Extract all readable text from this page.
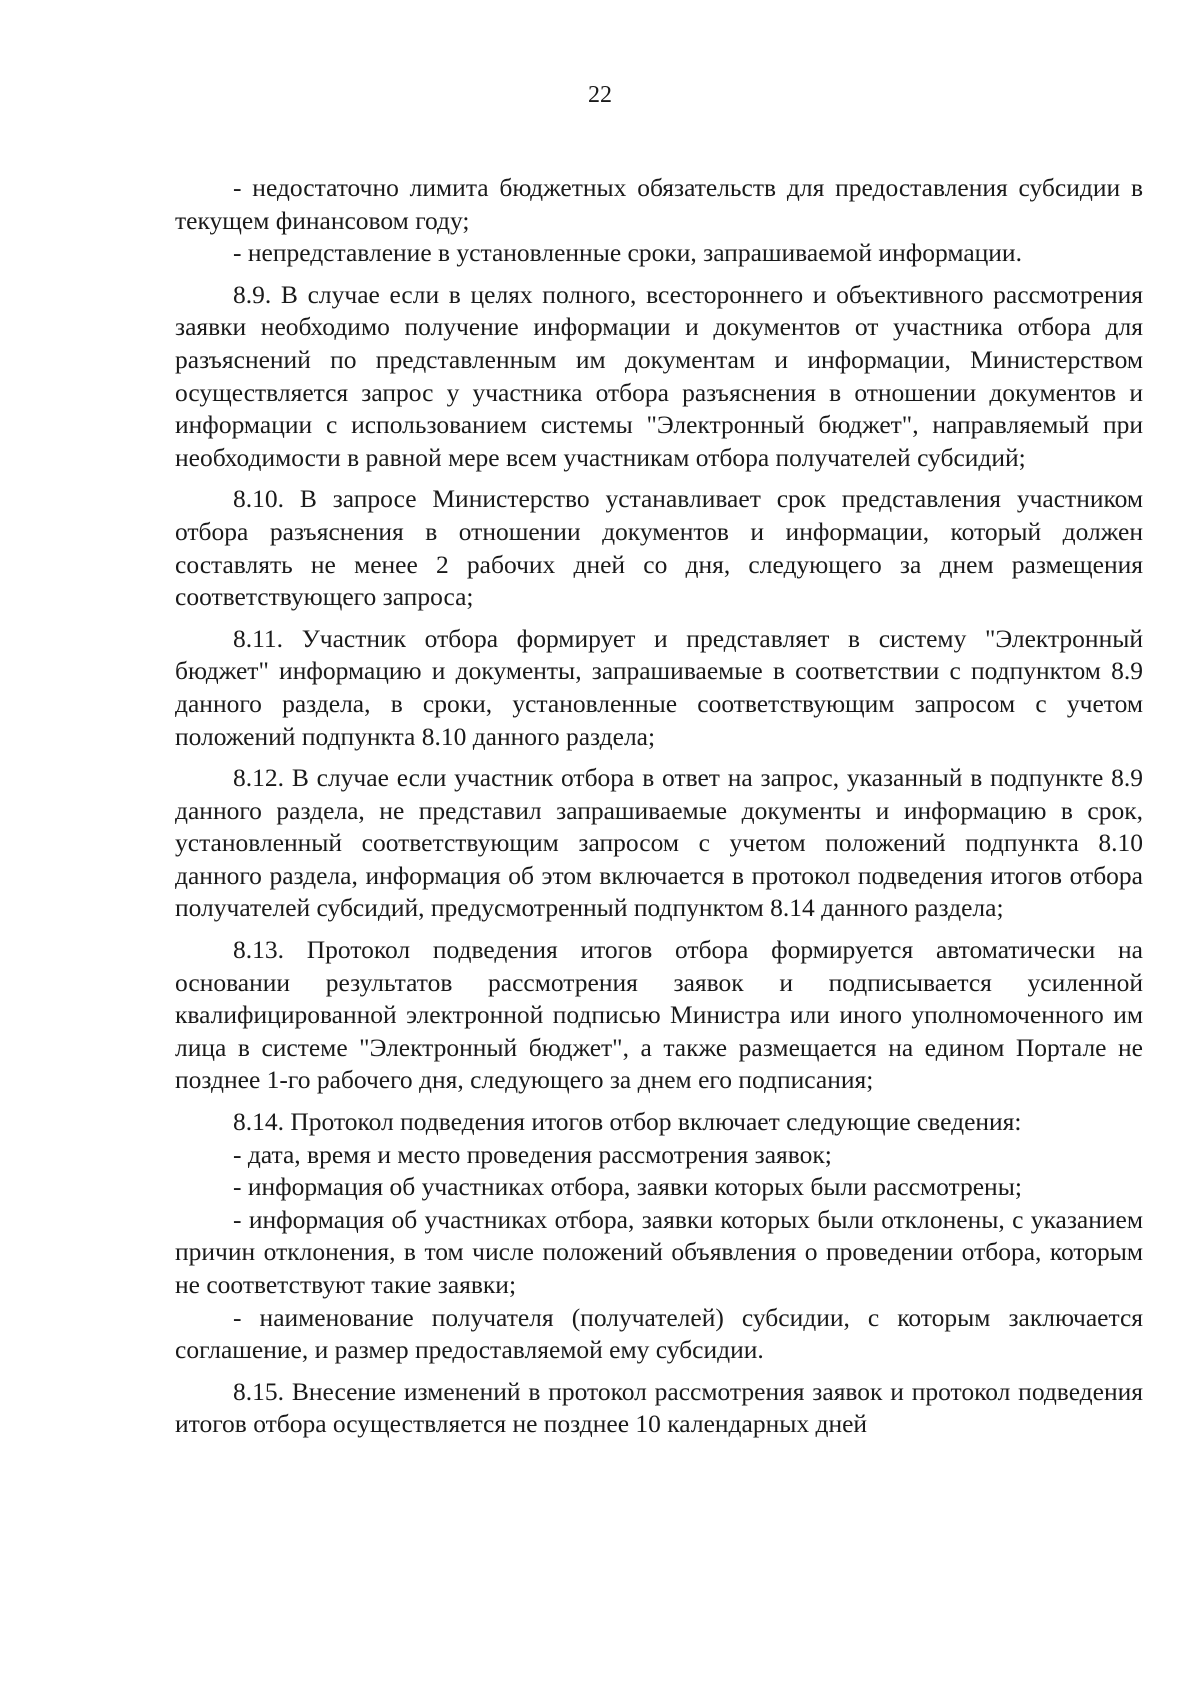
22

- недостаточно лимита бюджетных обязательств для предоставления субсидии в текущем финансовом году;

- непредставление в установленные сроки, запрашиваемой информации.

8.9. В случае если в целях полного, всестороннего и объективного рассмотрения заявки необходимо получение информации и документов от участника отбора для разъяснений по представленным им документам и информации, Министерством осуществляется запрос у участника отбора разъяснения в отношении документов и информации с использованием системы "Электронный бюджет", направляемый при необходимости в равной мере всем участникам отбора получателей субсидий;

8.10. В запросе Министерство устанавливает срок представления участником отбора разъяснения в отношении документов и информации, который должен составлять не менее 2 рабочих дней со дня, следующего за днем размещения соответствующего запроса;

8.11. Участник отбора формирует и представляет в систему "Электронный бюджет" информацию и документы, запрашиваемые в соответствии с подпунктом 8.9 данного раздела, в сроки, установленные соответствующим запросом с учетом положений подпункта 8.10 данного раздела;

8.12. В случае если участник отбора в ответ на запрос, указанный в подпункте 8.9 данного раздела, не представил запрашиваемые документы и информацию в срок, установленный соответствующим запросом с учетом положений подпункта 8.10 данного раздела, информация об этом включается в протокол подведения итогов отбора получателей субсидий, предусмотренный подпунктом 8.14 данного раздела;

8.13. Протокол подведения итогов отбора формируется автоматически на основании результатов рассмотрения заявок и подписывается усиленной квалифицированной электронной подписью Министра или иного уполномоченного им лица в системе "Электронный бюджет", а также размещается на едином Портале не позднее 1-го рабочего дня, следующего за днем его подписания;

8.14. Протокол подведения итогов отбор включает следующие сведения:

- дата, время и место проведения рассмотрения заявок;

- информация об участниках отбора, заявки которых были рассмотрены;

- информация об участниках отбора, заявки которых были отклонены, с указанием причин отклонения, в том числе положений объявления о проведении отбора, которым не соответствуют такие заявки;

- наименование получателя (получателей) субсидии, с которым заключается соглашение, и размер предоставляемой ему субсидии.

8.15. Внесение изменений в протокол рассмотрения заявок и протокол подведения итогов отбора осуществляется не позднее 10 календарных дней
